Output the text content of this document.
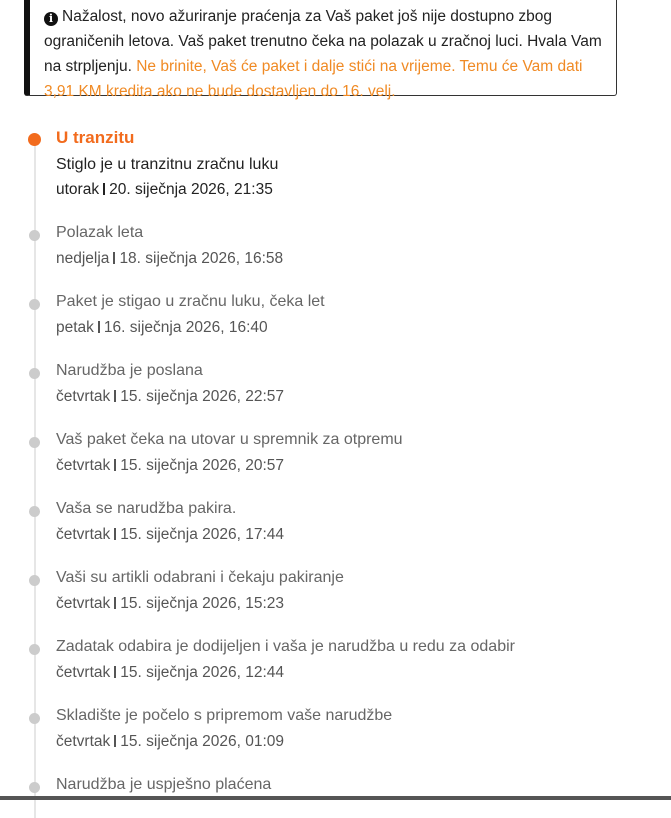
i Nažalost, novo ažuriranje praćenja za Vaš paket još nije dostupno zbog ograničenih letova. Vaš paket trenutno čeka na polazak u zračnoj luci. Hvala Vam na strpljenju. Ne brinite, Vaš će paket i dalje stići na vrijeme. Temu će Vam dati 3,91 KM kredita ako ne bude dostavljen do 16. velj.
U tranzitu
Stiglo je u tranzitnu zračnu luku
utorak 20. siječnja 2026, 21:35
Polazak leta
nedjelja 18. siječnja 2026, 16:58
Paket je stigao u zračnu luku, čeka let
petak 16. siječnja 2026, 16:40
Narudžba je poslana
četvrtak 15. siječnja 2026, 22:57
Vaš paket čeka na utovar u spremnik za otpremu
četvrtak 15. siječnja 2026, 20:57
Vaša se narudžba pakira.
četvrtak 15. siječnja 2026, 17:44
Vaši su artikli odabrani i čekaju pakiranje
četvrtak 15. siječnja 2026, 15:23
Zadatak odabira je dodijeljen i vaša je narudžba u redu za odabir
četvrtak 15. siječnja 2026, 12:44
Skladište je počelo s pripremom vaše narudžbe
četvrtak 15. siječnja 2026, 01:09
Narudžba je uspješno plaćena
